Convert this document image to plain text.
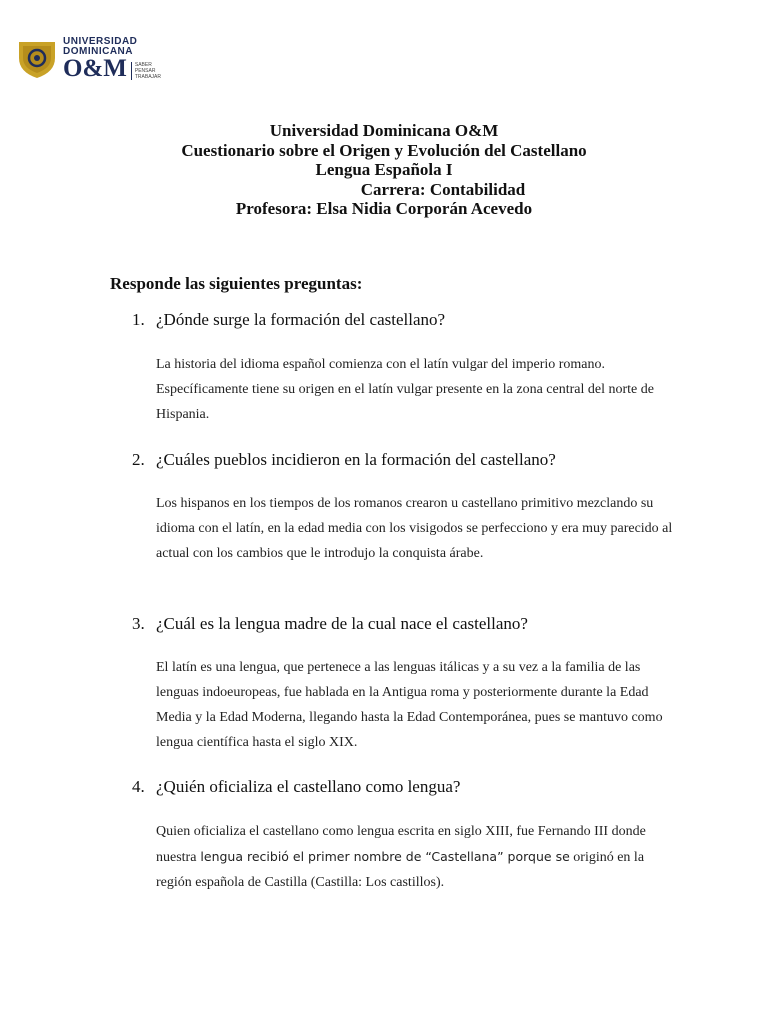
UNIVERSIDAD
DOMINICANA
O&M SABER
PENSAR
TRABAJAR
Universidad Dominicana O&M
Cuestionario sobre el Origen y Evolución del Castellano
Lengua Española I
Carrera: Contabilidad
Profesora: Elsa Nidia Corporán Acevedo
Responde las siguientes preguntas:
1. ¿Dónde surge la formación del castellano?
La historia del idioma español comienza con el latín vulgar del imperio romano. Específicamente tiene su origen en el latín vulgar presente en la zona central del norte de Hispania.
2. ¿Cuáles pueblos incidieron en la formación del castellano?
Los hispanos en los tiempos de los romanos crearon u castellano primitivo mezclando su idioma con el latín, en la edad media con los visigodos se perfecciono y era muy parecido al actual con los cambios que le introdujo la conquista árabe.
3. ¿Cuál es la lengua madre de la cual nace el castellano?
El latín es una lengua, que pertenece a las lenguas itálicas y a su vez a la familia de las lenguas indoeuropeas, fue hablada en la Antigua roma y posteriormente durante la Edad Media y la Edad Moderna, llegando hasta la Edad Contemporánea, pues se mantuvo como lengua científica hasta el siglo XIX.
4. ¿Quién oficializa el castellano como lengua?
Quien oficializa el castellano como lengua escrita en siglo XIII, fue Fernando III donde nuestra lengua recibió el primer nombre de “Castellana” porque se originó en la región española de Castilla (Castilla: Los castillos).
